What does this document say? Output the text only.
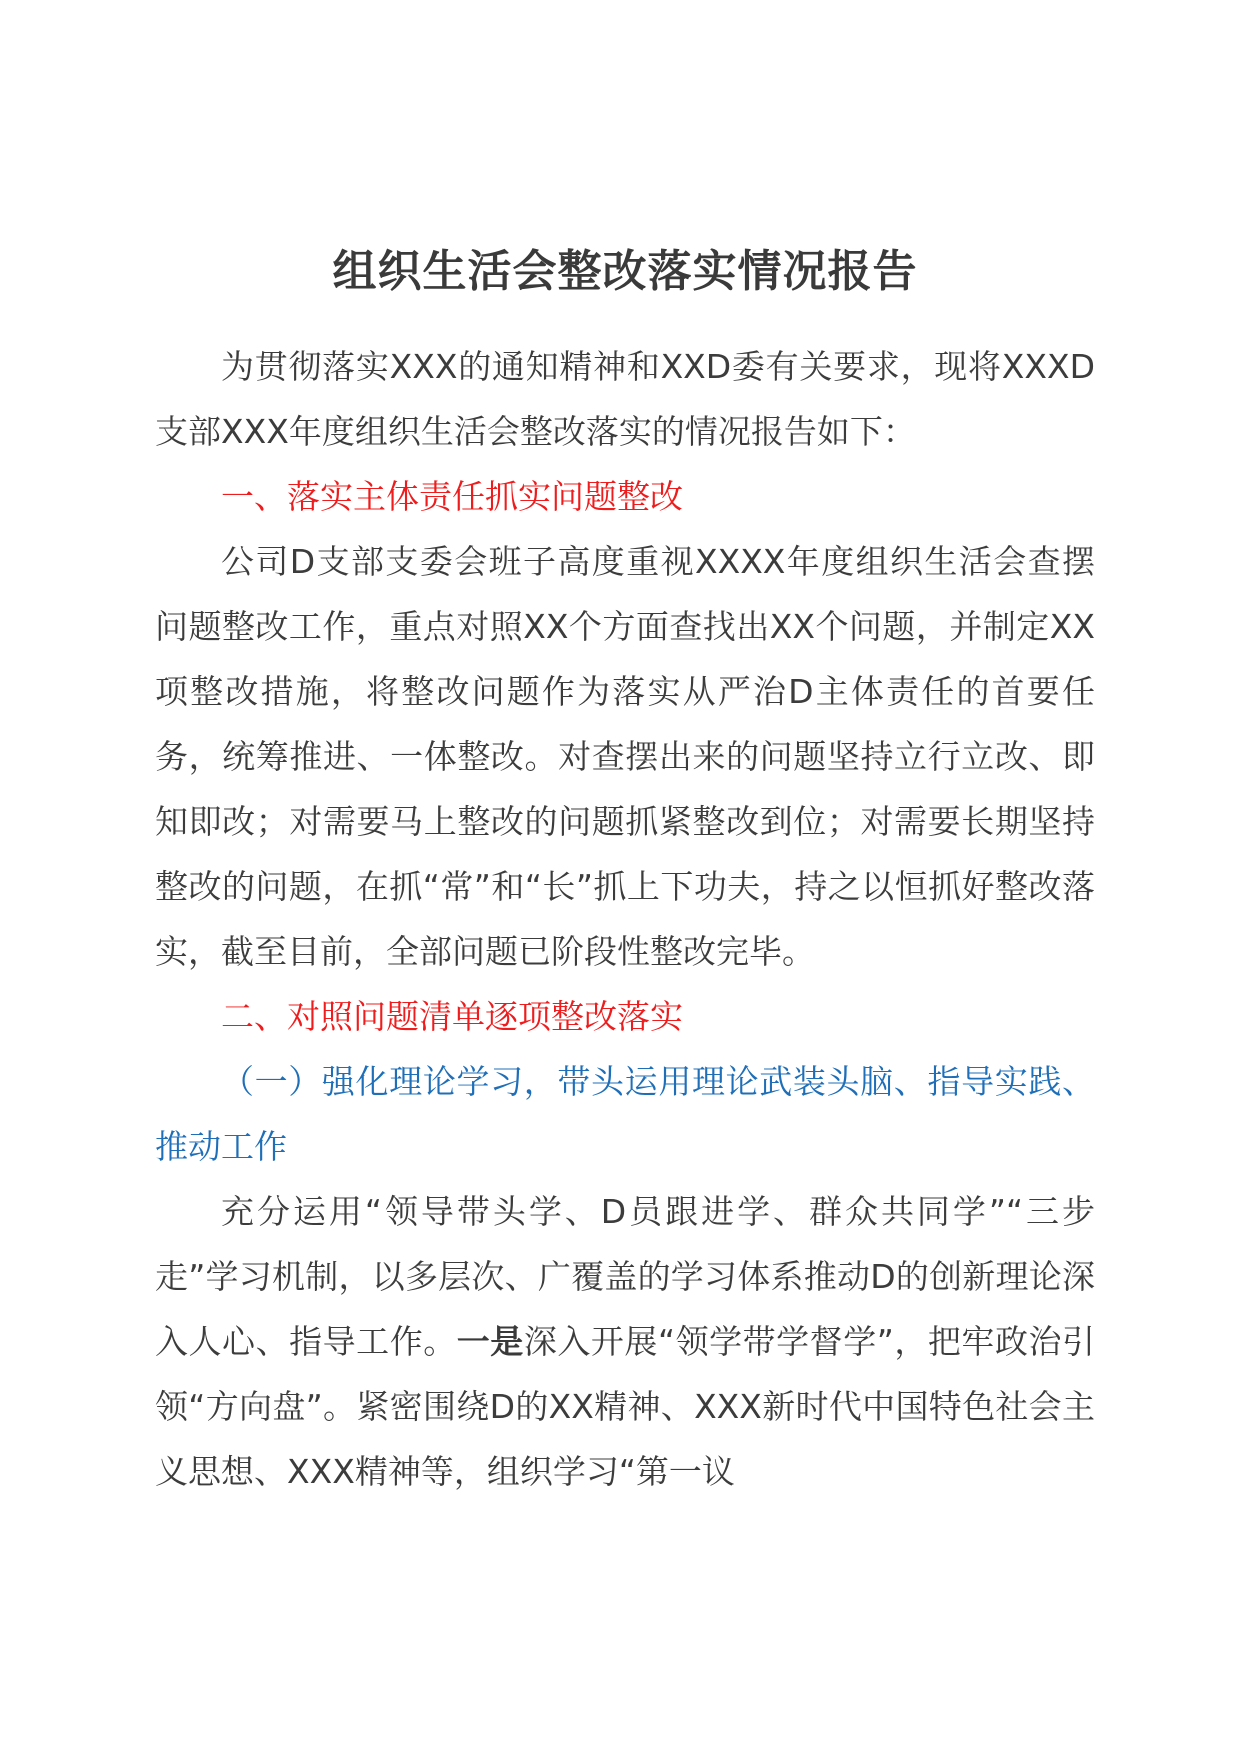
组织生活会整改落实情况报告

为贯彻落实XXX的通知精神和XXD委有关要求，现将XXXD支部XXX年度组织生活会整改落实的情况报告如下：

一、落实主体责任抓实问题整改

公司D支部支委会班子高度重视XXXX年度组织生活会查摆问题整改工作，重点对照XX个方面查找出XX个问题，并制定XX项整改措施，将整改问题作为落实从严治D主体责任的首要任务，统筹推进、一体整改。对查摆出来的问题坚持立行立改、即知即改；对需要马上整改的问题抓紧整改到位；对需要长期坚持整改的问题，在抓“常”和“长”抓上下功夫，持之以恒抓好整改落实，截至目前，全部问题已阶段性整改完毕。

二、对照问题清单逐项整改落实

（一）强化理论学习，带头运用理论武装头脑、指导实践、推动工作

充分运用“领导带头学、D员跟进学、群众共同学”“三步走”学习机制，以多层次、广覆盖的学习体系推动D的创新理论深入人心、指导工作。一是深入开展“领学带学督学”，把牢政治引领“方向盘”。紧密围绕D的XX精神、XXX新时代中国特色社会主义思想、XXX精神等，组织学习“第一议
